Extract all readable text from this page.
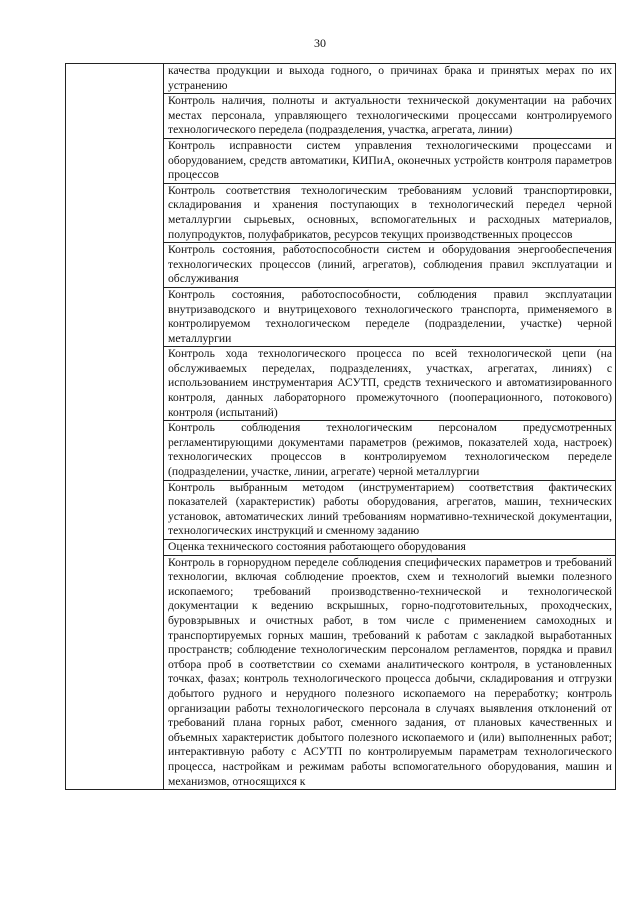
30

качества продукции и выхода годного, о причинах брака и принятых мерах по их устранению

Контроль наличия, полноты и актуальности технической документации на рабочих местах персонала, управляющего технологическими процессами контролируемого технологического передела (подразделения, участка, агрегата, линии)

Контроль исправности систем управления технологическими процессами и оборудованием, средств автоматики, КИПиА, оконечных устройств контроля параметров процессов

Контроль соответствия технологическим требованиям условий транспортировки, складирования и хранения поступающих в технологический передел черной металлургии сырьевых, основных, вспомогательных и расходных материалов, полупродуктов, полуфабрикатов, ресурсов текущих производственных процессов

Контроль состояния, работоспособности систем и оборудования энергообеспечения технологических процессов (линий, агрегатов), соблюдения правил эксплуатации и обслуживания

Контроль состояния, работоспособности, соблюдения правил эксплуатации внутризаводского и внутрицехового технологического транспорта, применяемого в контролируемом технологическом переделе (подразделении, участке) черной металлургии

Контроль хода технологического процесса по всей технологической цепи (на обслуживаемых переделах, подразделениях, участках, агрегатах, линиях) с использованием инструментария АСУТП, средств технического и автоматизированного контроля, данных лабораторного промежуточного (пооперационного, потокового) контроля (испытаний)

Контроль соблюдения технологическим персоналом предусмотренных регламентирующими документами параметров (режимов, показателей хода, настроек) технологических процессов в контролируемом технологическом переделе (подразделении, участке, линии, агрегате) черной металлургии

Контроль выбранным методом (инструментарием) соответствия фактических показателей (характеристик) работы оборудования, агрегатов, машин, технических установок, автоматических линий требованиям нормативно-технической документации, технологических инструкций и сменному заданию

Оценка технического состояния работающего оборудования

Контроль в горнорудном переделе соблюдения специфических параметров и требований технологии, включая соблюдение проектов, схем и технологий выемки полезного ископаемого; требований производственно-технической и технологической документации к ведению вскрышных, горно-подготовительных, проходческих, буровзрывных и очистных работ, в том числе с применением самоходных и транспортируемых горных машин, требований к работам с закладкой выработанных пространств; соблюдение технологическим персоналом регламентов, порядка и правил отбора проб в соответствии со схемами аналитического контроля, в установленных точках, фазах; контроль технологического процесса добычи, складирования и отгрузки добытого рудного и нерудного полезного ископаемого на переработку; контроль организации работы технологического персонала в случаях выявления отклонений от требований плана горных работ, сменного задания, от плановых качественных и объемных характеристик добытого полезного ископаемого и (или) выполненных работ; интерактивную работу с АСУТП по контролируемым параметрам технологического процесса, настройкам и режимам работы вспомогательного оборудования, машин и механизмов, относящихся к
